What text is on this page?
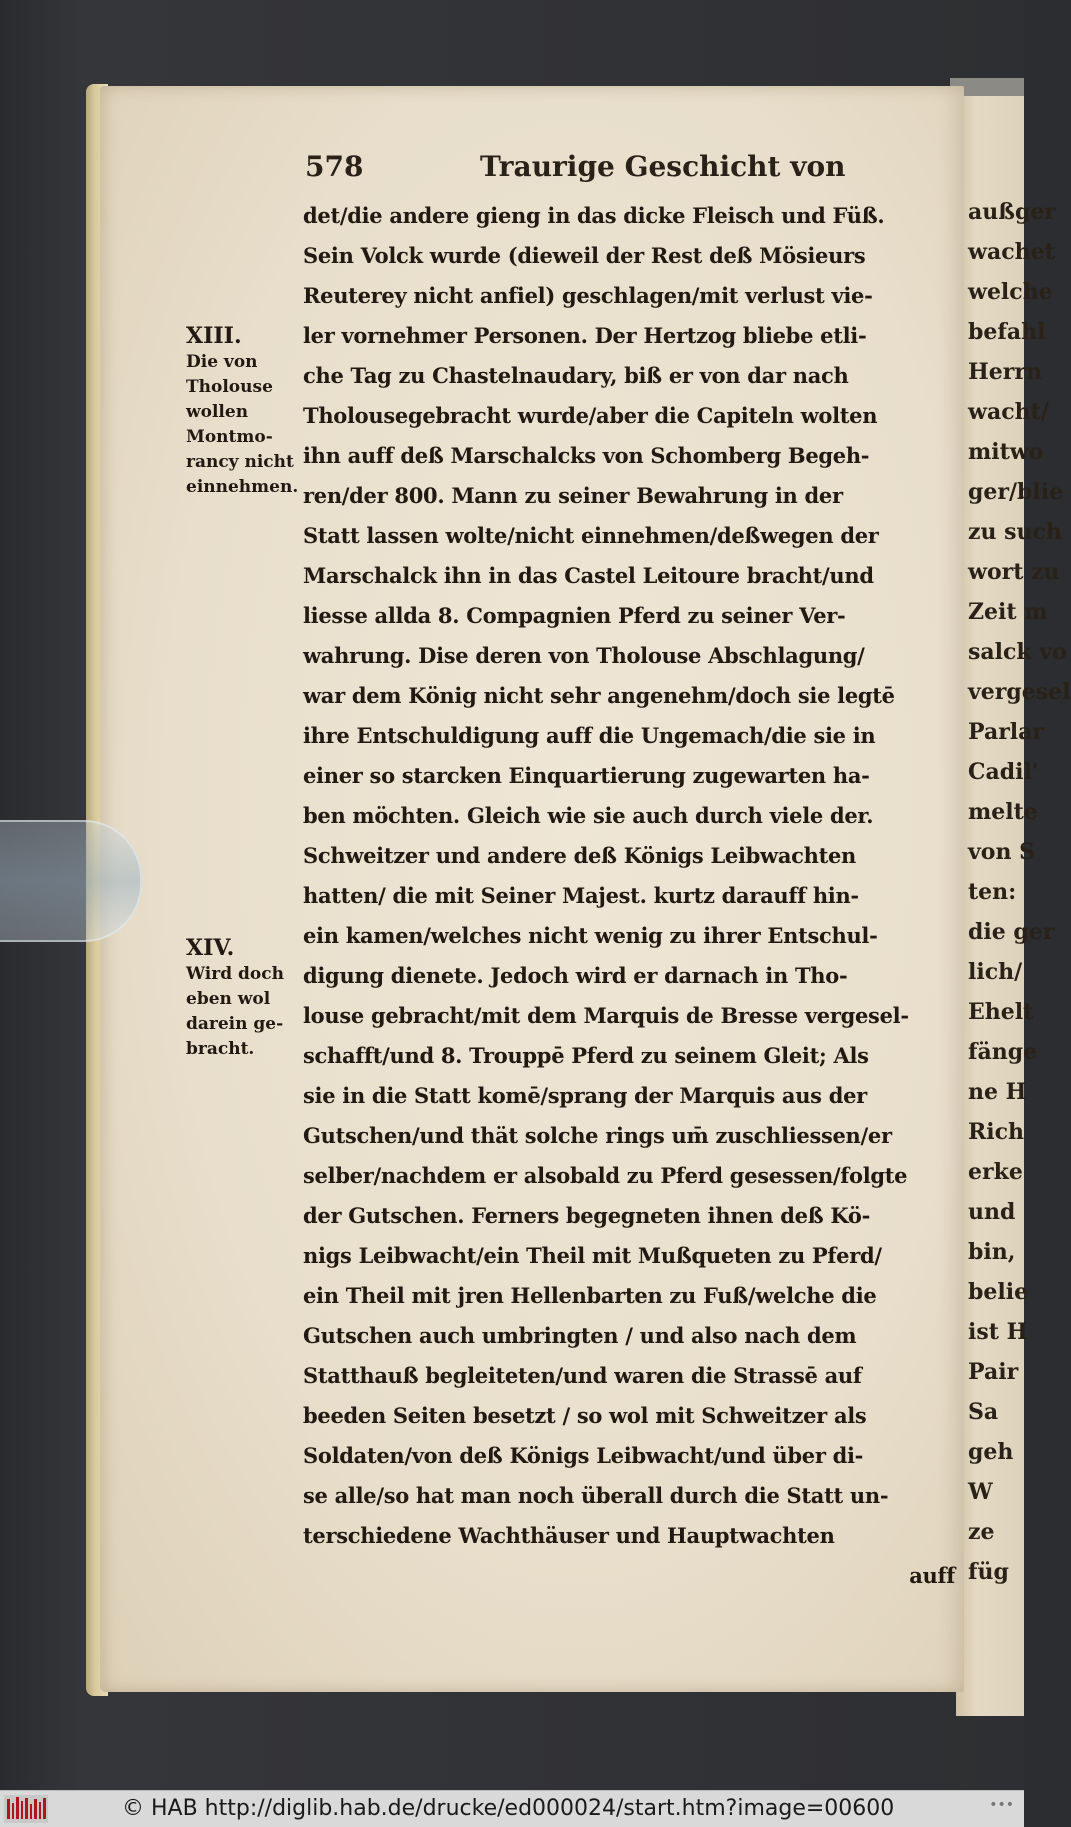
außger
wachet
welche
befahl
Herrn
wacht/
mitwo
ger/blie
zu such
wort zu
Zeit m
salck vo
vergesel
Parlar
Cadil'
melte
von S
ten:
die ger
lich/
Ehelt
fänge
ne H
Rich
erke
und
bin,
belie
ist H
Pair
Sa
geh
W
ze
füg
578	Traurige Geschicht von
det/die andere gieng in das dicke Fleisch und Füß.
Sein Volck wurde (dieweil der Rest deß Mösieurs
Reuterey nicht anfiel) geschlagen/mit verlust vie-
ler vornehmer Personen. Der Hertzog bliebe etli-
che Tag zu Chastelnaudary, biß er von dar nach
Tholousegebracht wurde/aber die Capiteln wolten
ihn auff deß Marschalcks von Schomberg Begeh-
ren/der 800. Mann zu seiner Bewahrung in der
Statt lassen wolte/nicht einnehmen/deßwegen der
Marschalck ihn in das Castel Leitoure bracht/und
liesse allda 8. Compagnien Pferd zu seiner Ver-
wahrung. Dise deren von Tholouse Abschlagung/
war dem König nicht sehr angenehm/doch sie legtē
ihre Entschuldigung auff die Ungemach/die sie in
einer so starcken Einquartierung zugewarten ha-
ben möchten. Gleich wie sie auch durch viele der.
Schweitzer und andere deß Königs Leibwachten
hatten/ die mit Seiner Majest. kurtz darauff hin-
ein kamen/welches nicht wenig zu ihrer Entschul-
digung dienete. Jedoch wird er darnach in Tho-
louse gebracht/mit dem Marquis de Bresse vergesel-
schafft/und 8. Trouppē Pferd zu seinem Gleit; Als
sie in die Statt komē/sprang der Marquis aus der
Gutschen/und thät solche rings um̄ zuschliessen/er
selber/nachdem er alsobald zu Pferd gesessen/folgte
der Gutschen. Ferners begegneten ihnen deß Kö-
nigs Leibwacht/ein Theil mit Mußqueten zu Pferd/
ein Theil mit jren Hellenbarten zu Fuß/welche die
Gutschen auch umbringten / und also nach dem
Statthauß begleiteten/und waren die Strassē auf
beeden Seiten besetzt / so wol mit Schweitzer als
Soldaten/von deß Königs Leibwacht/und über di-
se alle/so hat man noch überall durch die Statt un-
terschiedene Wachthäuser und Hauptwachten
auff
XIII.
Die von
Tholouse
wollen
Montmo-
rancy nicht
einnehmen.
XIV.
Wird doch
eben wol
darein ge-
bracht.
© HAB http://diglib.hab.de/drucke/ed000024/start.htm?image=00600	•••
